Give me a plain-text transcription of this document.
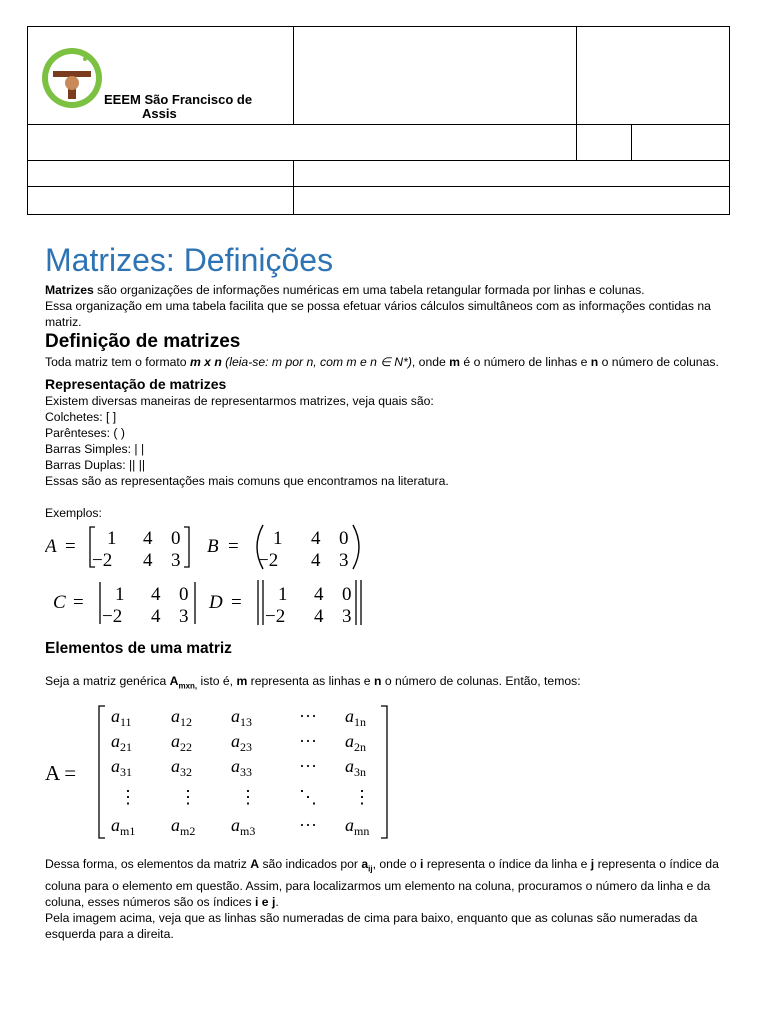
EEEM São Francisco de
Assis			

Matrizes: Definições

Matrizes são organizações de informações numéricas em uma tabela retangular formada por linhas e colunas.
Essa organização em uma tabela facilita que se possa efetuar vários cálculos simultâneos com as informações contidas na matriz.

Definição de matrizes

Toda matriz tem o formato m x n (leia-se: m por n, com m e n ∈ N*), onde m é o número de linhas e n o número de colunas.

Representação de matrizes

Existem diversas maneiras de representarmos matrizes, veja quais são:

Colchetes: [ ]

Parênteses: ( )

Barras Simples: | |

Barras Duplas: || ||

Essas são as representações mais comuns que encontramos na literatura.

Exemplos:

A = 1 4 0
−2 4 3
B = 1 4 0
−2 4 3
C = 1 4 0
−2 4 3
D = 1 4 0
−2 4 3
Elementos de uma matriz

Seja a matriz genérica $A_{mxn,}$ isto é, m representa as linhas e n o número de colunas. Então, temos:

A =
$a_{11}$ $a_{12}$ $a_{13}$	··· $a_{1n}$
$a_{21}$ $a_{22}$ $a_{23}$	··· $a_{2n}$
$a_{31}$ $a_{32}$ $a_{33}$	··· $a_{3n}$
⋮ ⋮ ⋮ ⋱ ⋮
$a_{m1}$ $a_{m2}$ $a_{m3}$ ··· $a_{mn}$

Dessa forma, os elementos da matriz A são indicados por $a_{ij}$, onde o i representa o índice da linha e j representa o índice da coluna para o elemento em questão. Assim, para localizarmos um elemento na coluna, procuramos o número da linha e da coluna, esses números são os índices i e j.
Pela imagem acima, veja que as linhas são numeradas de cima para baixo, enquanto que as colunas são numeradas da esquerda para a direita.
